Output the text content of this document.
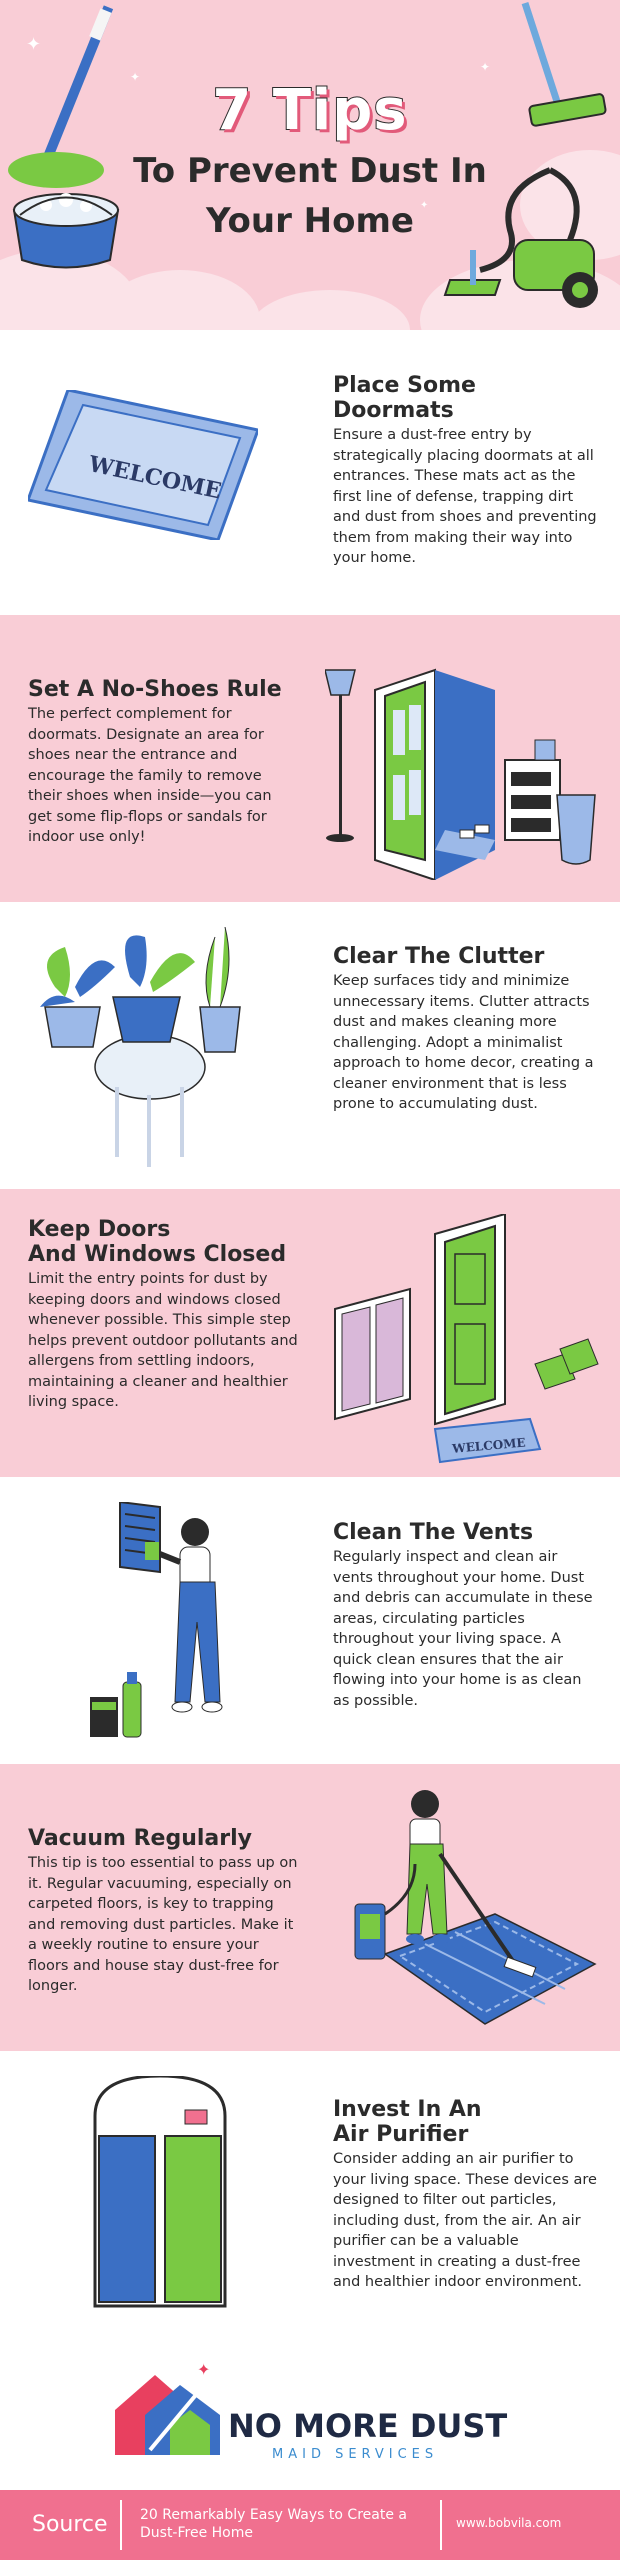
✦
✦
✦
✦
7 Tips
To Prevent Dust In
Your Home
WELCOME
Place Some
Doormats
Ensure a dust-free entry by strategically placing doormats at all entrances. These mats act as the first line of defense, trapping dirt and dust from shoes and preventing them from making their way into your home.
Set A No-Shoes Rule
The perfect complement for doormats. Designate an area for shoes near the entrance and encourage the family to remove their shoes when inside—you can get some flip-flops or sandals for indoor use only!
Clear The Clutter
Keep surfaces tidy and minimize unnecessary items. Clutter attracts dust and makes cleaning more challenging. Adopt a minimalist approach to home decor, creating a cleaner environment that is less prone to accumulating dust.
Keep Doors
And Windows Closed
Limit the entry points for dust by keeping doors and windows closed whenever possible. This simple step helps prevent outdoor pollutants and allergens from settling indoors, maintaining a cleaner and healthier living space.
WELCOME
Clean The Vents
Regularly inspect and clean air vents throughout your home. Dust and debris can accumulate in these areas, circulating particles throughout your living space. A quick clean ensures that the air flowing into your home is as clean as possible.
Vacuum Regularly
This tip is too essential to pass up on it. Regular vacuuming, especially on carpeted floors, is key to trapping and removing dust particles. Make it a weekly routine to ensure your floors and house stay dust-free for longer.
Invest In An
Air Purifier
Consider adding an air purifier to your living space. These devices are designed to filter out particles, including dust, from the air. An air purifier can be a valuable investment in creating a dust-free and healthier indoor environment.
✦
NO MORE DUST
MAID SERVICES
Source 20 Remarkably Easy Ways to Create a Dust-Free Home
www.bobvila.com
